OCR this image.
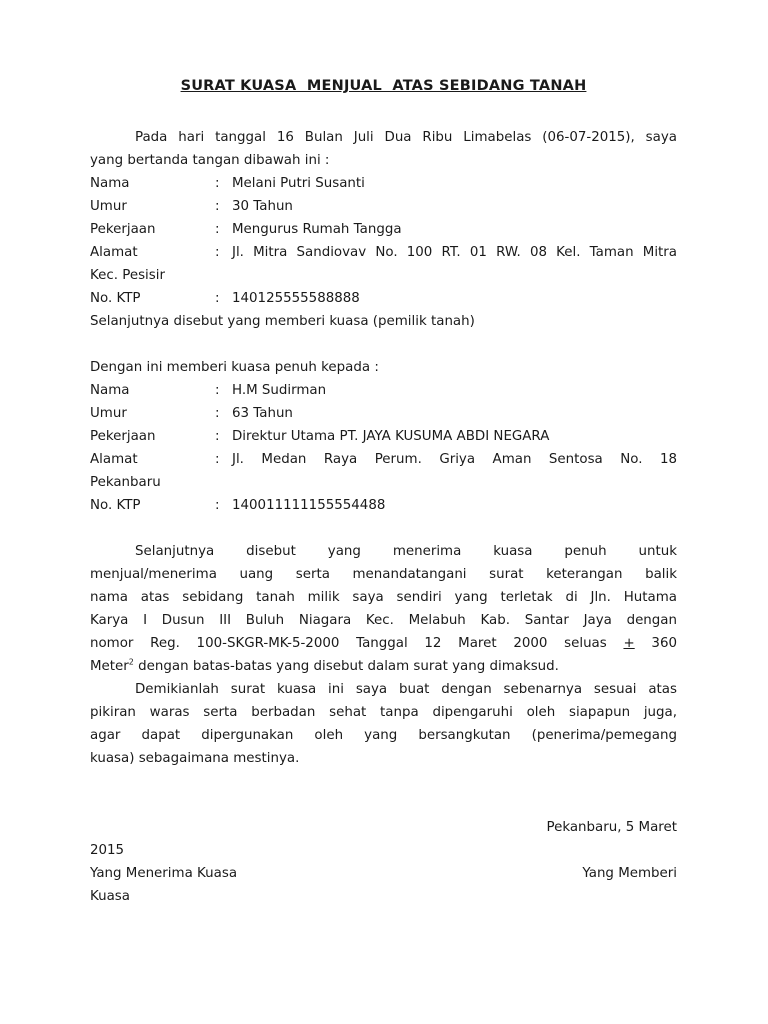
SURAT KUASA  MENJUAL  ATAS SEBIDANG TANAH
Pada hari tanggal 16 Bulan Juli Dua Ribu Limabelas (06-07-2015), saya
yang bertanda tangan dibawah ini :
Nama	: Melani Putri Susanti
Umur	: 30 Tahun
Pekerjaan	: Mengurus Rumah Tangga
Alamat	: Jl. Mitra Sandiovav No. 100 RT. 01 RW. 08 Kel. Taman Mitra
Kec. Pesisir
No. KTP	: 140125555588888
Selanjutnya disebut yang memberi kuasa (pemilik tanah)
Dengan ini memberi kuasa penuh kepada :
Nama	: H.M Sudirman
Umur	: 63 Tahun
Pekerjaan	: Direktur Utama PT. JAYA KUSUMA ABDI NEGARA
Alamat	: Jl. Medan Raya Perum. Griya Aman Sentosa No. 18
Pekanbaru
No. KTP	: 140011111155554488
Selanjutnya disebut yang menerima kuasa penuh untuk
menjual/menerima uang serta menandatangani surat keterangan balik
nama atas sebidang tanah milik saya sendiri yang terletak di Jln. Hutama
Karya I Dusun III Buluh Niagara Kec. Melabuh Kab. Santar Jaya dengan
nomor Reg. 100-SKGR-MK-5-2000 Tanggal 12 Maret 2000 seluas + 360
Meter$^2$ dengan batas-batas yang disebut dalam surat yang dimaksud.
Demikianlah surat kuasa ini saya buat dengan sebenarnya sesuai atas
pikiran waras serta berbadan sehat tanpa dipengaruhi oleh siapapun juga,
agar dapat dipergunakan oleh yang bersangkutan (penerima/pemegang
kuasa) sebagaimana mestinya.
Pekanbaru, 5 Maret
2015
Yang Menerima Kuasa	Yang Memberi
Kuasa
